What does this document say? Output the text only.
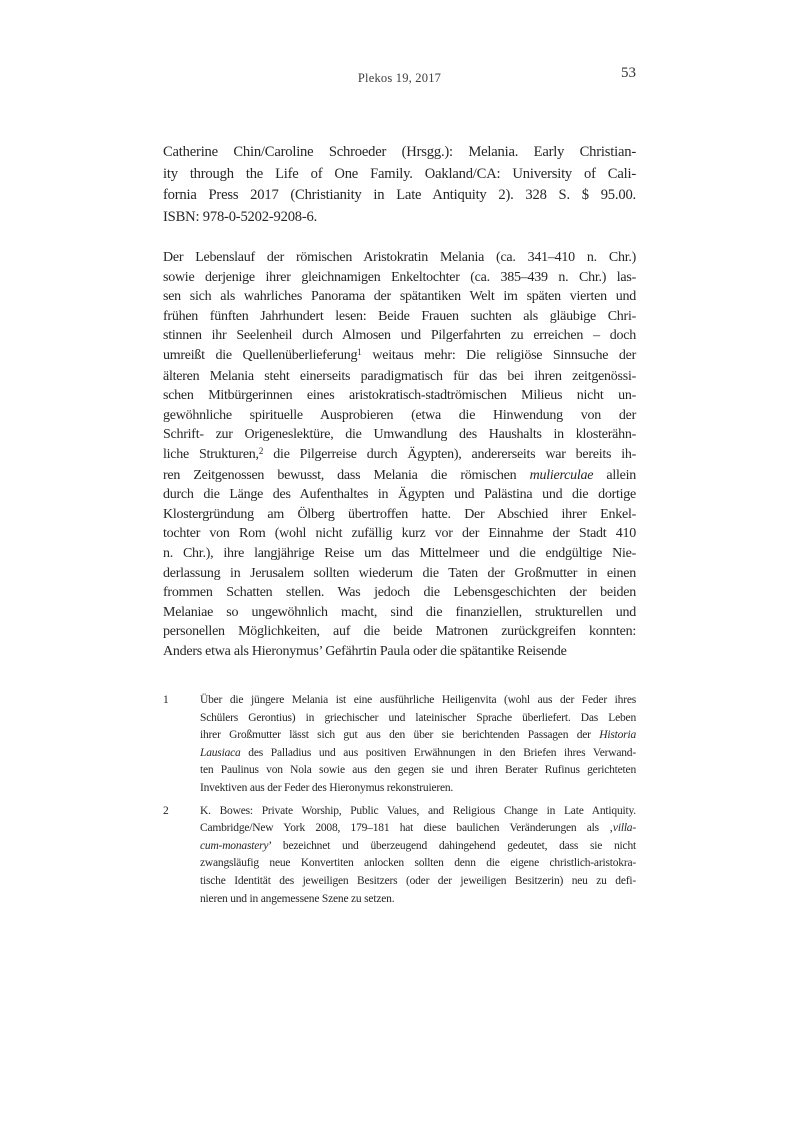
Plekos 19, 2017	53
Catherine Chin/Caroline Schroeder (Hrsgg.): Melania. Early Christian-
ity through the Life of One Family. Oakland/CA: University of Cali-
fornia Press 2017 (Christianity in Late Antiquity 2). 328 S. $ 95.00.
ISBN: 978-0-5202-9208-6.
Der Lebenslauf der römischen Aristokratin Melania (ca. 341–410 n. Chr.)
sowie derjenige ihrer gleichnamigen Enkeltochter (ca. 385–439 n. Chr.) las-
sen sich als wahrliches Panorama der spätantiken Welt im späten vierten und
frühen fünften Jahrhundert lesen: Beide Frauen suchten als gläubige Chri-
stinnen ihr Seelenheil durch Almosen und Pilgerfahrten zu erreichen – doch
umreißt die Quellenüberlieferung$^1$ weitaus mehr: Die religiöse Sinnsuche der
älteren Melania steht einerseits paradigmatisch für das bei ihren zeitgenössi-
schen Mitbürgerinnen eines aristokratisch-stadtrömischen Milieus nicht un-
gewöhnliche spirituelle Ausprobieren (etwa die Hinwendung von der
Schrift- zur Origeneslektüre, die Umwandlung des Haushalts in klosterähn-
liche Strukturen,$^2$ die Pilgerreise durch Ägypten), andererseits war bereits ih-
ren Zeitgenossen bewusst, dass Melania die römischen mulierculae allein
durch die Länge des Aufenthaltes in Ägypten und Palästina und die dortige
Klostergründung am Ölberg übertroffen hatte. Der Abschied ihrer Enkel-
tochter von Rom (wohl nicht zufällig kurz vor der Einnahme der Stadt 410
n. Chr.), ihre langjährige Reise um das Mittelmeer und die endgültige Nie-
derlassung in Jerusalem sollten wiederum die Taten der Großmutter in einen
frommen Schatten stellen. Was jedoch die Lebensgeschichten der beiden
Melaniae so ungewöhnlich macht, sind die finanziellen, strukturellen und
personellen Möglichkeiten, auf die beide Matronen zurückgreifen konnten:
Anders etwa als Hieronymus’ Gefährtin Paula oder die spätantike Reisende
1	Über die jüngere Melania ist eine ausführliche Heiligenvita (wohl aus der Feder ihres
Schülers Gerontius) in griechischer und lateinischer Sprache überliefert. Das Leben
ihrer Großmutter lässt sich gut aus den über sie berichtenden Passagen der Historia
Lausiaca des Palladius und aus positiven Erwähnungen in den Briefen ihres Verwand-
ten Paulinus von Nola sowie aus den gegen sie und ihren Berater Rufinus gerichteten
Invektiven aus der Feder des Hieronymus rekonstruieren.
2	K. Bowes: Private Worship, Public Values, and Religious Change in Late Antiquity.
Cambridge/New York 2008, 179–181 hat diese baulichen Veränderungen als ‚villa-
cum-monastery’ bezeichnet und überzeugend dahingehend gedeutet, dass sie nicht
zwangsläufig neue Konvertiten anlocken sollten denn die eigene christlich-aristokra-
tische Identität des jeweiligen Besitzers (oder der jeweiligen Besitzerin) neu zu defi-
nieren und in angemessene Szene zu setzen.
